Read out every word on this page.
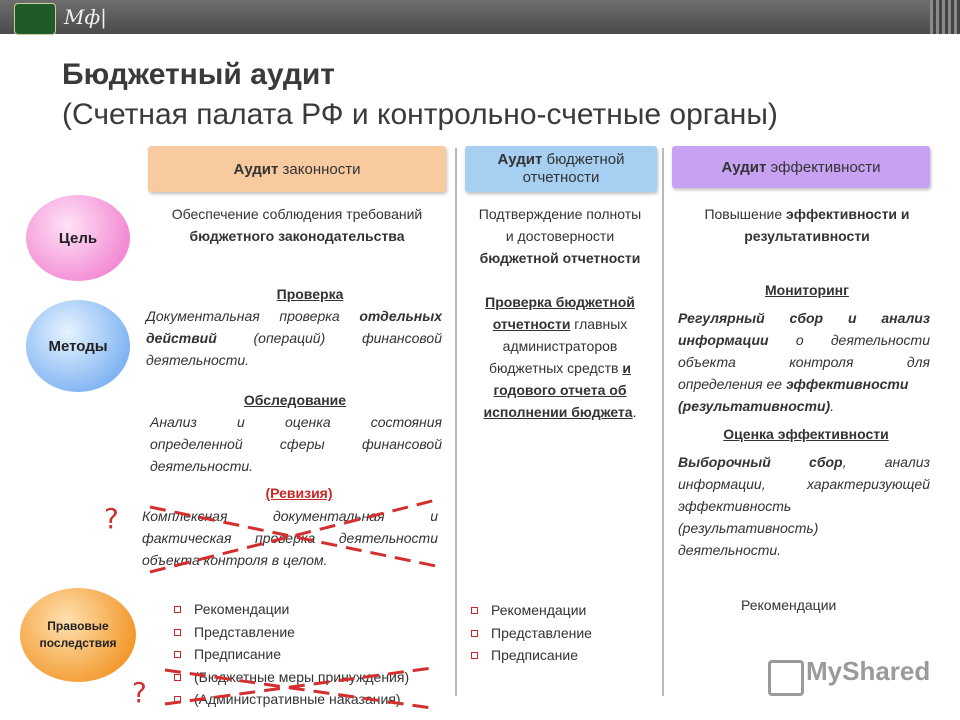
Мф|
Бюджетный аудит
(Счетная палата РФ и контрольно-счетные органы)
Аудит законности
Аудит бюджетной отчетности
Аудит эффективности
Цель
Методы
Правовые последствия
Обеспечение соблюдения требований
бюджетного законодательства
Подтверждение полноты
и достоверности
бюджетной отчетности
Повышение эффективности и
результативности
Проверка
Документальная проверка отдельных
действий (операций) финансовой
деятельности.
Обследование
Анализ и оценка состояния
определенной сферы финансовой
деятельности.
(Ревизия)
Комплексная документальная и
фактическая проверка деятельности
объекта контроля в целом.
?
Проверка бюджетной
отчетности главных
администраторов
бюджетных средств и
годового отчета об
исполнении бюджета.
Мониторинг
Регулярный сбор и анализ
информации о деятельности
объекта контроля для
определения ее эффективности
(результативности).
Оценка эффективности
Выборочный сбор, анализ
информации, характеризующей
эффективность
(результативность)
деятельности.
Рекомендации
Представление
Предписание
(Бюджетные меры принуждения)
(Административные наказания)
Рекомендации
Представление
Предписание
Рекомендации
?
MyShared
